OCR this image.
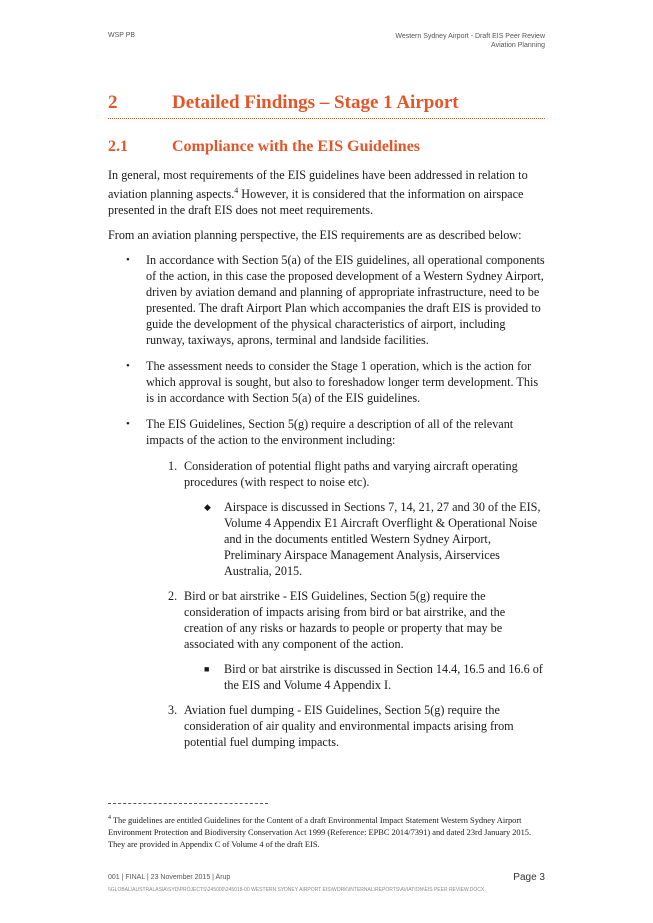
WSP PB	Western Sydney Airport - Draft EIS Peer Review
Aviation Planning
2	Detailed Findings – Stage 1 Airport
2.1	Compliance with the EIS Guidelines

In general, most requirements of the EIS guidelines have been addressed in relation to aviation planning aspects.$^4$ However, it is considered that the information on airspace presented in the draft EIS does not meet requirements.

From an aviation planning perspective, the EIS requirements are as described below:

• In accordance with Section 5(a) of the EIS guidelines, all operational components of the action, in this case the proposed development of a Western Sydney Airport, driven by aviation demand and planning of appropriate infrastructure, need to be presented. The draft Airport Plan which accompanies the draft EIS is provided to guide the development of the physical characteristics of airport, including runway, taxiways, aprons, terminal and landside facilities.
• The assessment needs to consider the Stage 1 operation, which is the action for which approval is sought, but also to foreshadow longer term development. This is in accordance with Section 5(a) of the EIS guidelines.
• The EIS Guidelines, Section 5(g) require a description of all of the relevant impacts of the action to the environment including:
1. Consideration of potential flight paths and varying aircraft operating procedures (with respect to noise etc).
◆ Airspace is discussed in Sections 7, 14, 21, 27 and 30 of the EIS, Volume 4 Appendix E1 Aircraft Overflight & Operational Noise and in the documents entitled Western Sydney Airport, Preliminary Airspace Management Analysis, Airservices Australia, 2015.
2. Bird or bat airstrike - EIS Guidelines, Section 5(g) require the consideration of impacts arising from bird or bat airstrike, and the creation of any risks or hazards to people or property that may be associated with any component of the action.
■ Bird or bat airstrike is discussed in Section 14.4, 16.5 and 16.6 of the EIS and Volume 4 Appendix I.
3. Aviation fuel dumping - EIS Guidelines, Section 5(g) require the consideration of air quality and environmental impacts arising from potential fuel dumping impacts.
$^4$ The guidelines are entitled Guidelines for the Content of a draft Environmental Impact Statement Western Sydney Airport Environment Protection and Biodiversity Conservation Act 1999 (Reference: EPBC 2014/7391) and dated 23rd January 2015. They are provided in Appendix C of Volume 4 of the draft EIS.
001 | FINAL | 23 November 2015 | Arup
\\GLOBAL\AUSTRALASIA\SYD\PROJECTS\245000\245018-00 WESTERN SYDNEY AIRPORT EIS\WORK\INTERNAL\REPORTS\AVIATION\EIS PEER REVIEW.DOCX
Page 3
